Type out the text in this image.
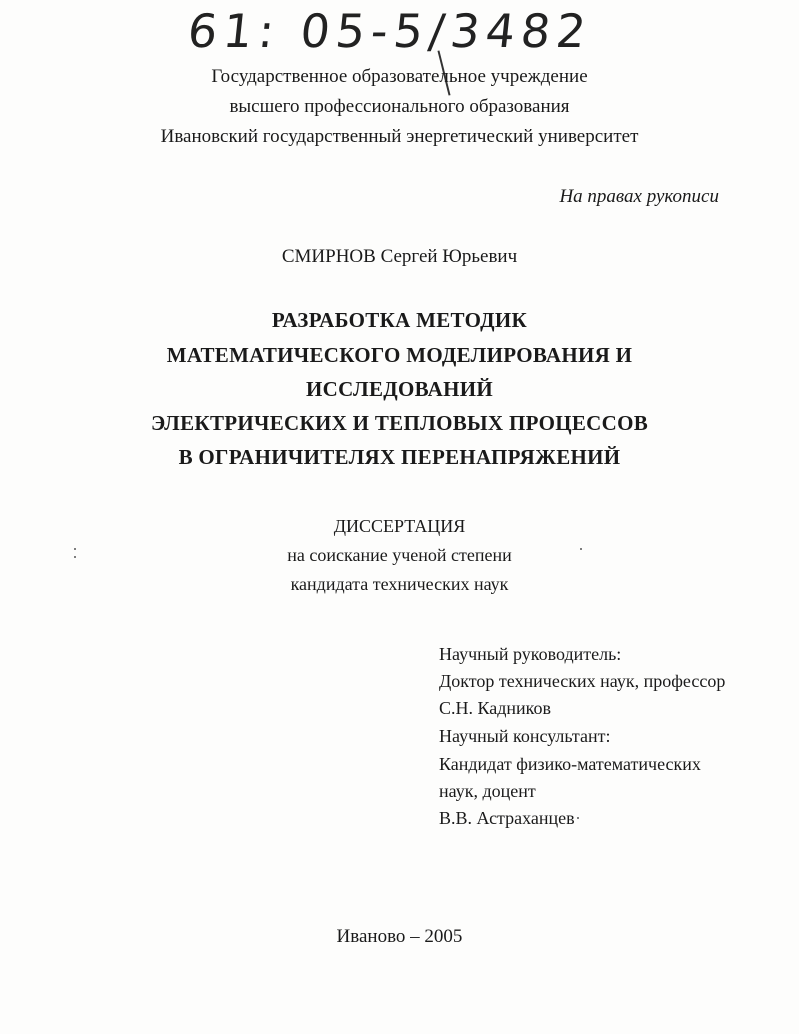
61: 05-5/3482
Государственное образовательное учреждение
высшего профессионального образования
Ивановский государственный энергетический университет
На правах рукописи
СМИРНОВ Сергей Юрьевич
РАЗРАБОТКА МЕТОДИК
МАТЕМАТИЧЕСКОГО МОДЕЛИРОВАНИЯ И
ИССЛЕДОВАНИЙ
ЭЛЕКТРИЧЕСКИХ И ТЕПЛОВЫХ ПРОЦЕССОВ
В ОГРАНИЧИТЕЛЯХ ПЕРЕНАПРЯЖЕНИЙ
ДИССЕРТАЦИЯ
на соискание ученой степени
кандидата технических наук
Научный руководитель:
Доктор технических наук, профессор
С.Н. Кадников
Научный консультант:
Кандидат физико-математических
наук, доцент
В.В. Астраханцев
Иваново – 2005
